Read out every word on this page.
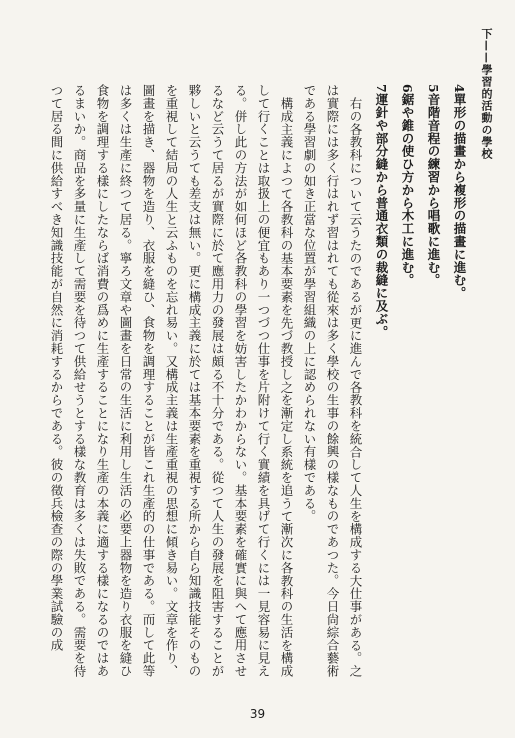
下——學習的活動の學校

4單形の描畫から複形の描畫に進む。

5音階音程の練習から唱歌に進む。

6鋸や錐の使ひ方から木工に進む。

7運針や部分縫から普通衣類の裁縫に及ぶ。

右の各教科について云うたのであるが更に進んで各教科を統合して人生を構成する大仕事がある。之は實際には多く行はれず習はれても從來は多く學校の生事の餘興の樣なものであつた。今日尙綜合藝術である學習劇の如き正當な位置が學習組織の上に認められない有樣である。

構成主義によつて各教科の基本要素を先づ教授し之を漸定し系統を追うて漸次に各教科の生活を構成して行くことは取扱上の便宜もあり一つづつ仕事を片附けて行く實績を具げて行くには一見容易に見える。併し此の方法が如何ほど各教科の學習を妨害したかわからない。基本要素を確實に與へて應用させるなど云うて居るが實際に於て應用力の發展は頗る不十分である。從つて人生の發展を阻害することが夥しいと云うても差支は無い。更に構成主義に於ては基本要素を重視する所から自ら知識技能そのものを重視して結局の人生と云ふものを忘れ易い。又構成主義は生產重視の思想に傾き易い。文章を作り、圖畫を描き、器物を造り、衣服を縫ひ、食物を調理することが皆これ生產的の仕事である。而して此等は多くは生產に終つて居る。寧ろ文章や圖畫を日常の生活に利用し生活の必要上器物を造り衣服を縫ひ食物を調理する樣にしたならば消費の爲めに生產することになり生產の本義に適する樣になるのではあるまいか。商品を多量に生產して需要を待つて供給せうとする樣な教育は多くは失敗である。需要を待つて居る間に供給すべき知識技能が自然に消耗するからである。彼の徵兵檢查の際の學業試驗の成

39
